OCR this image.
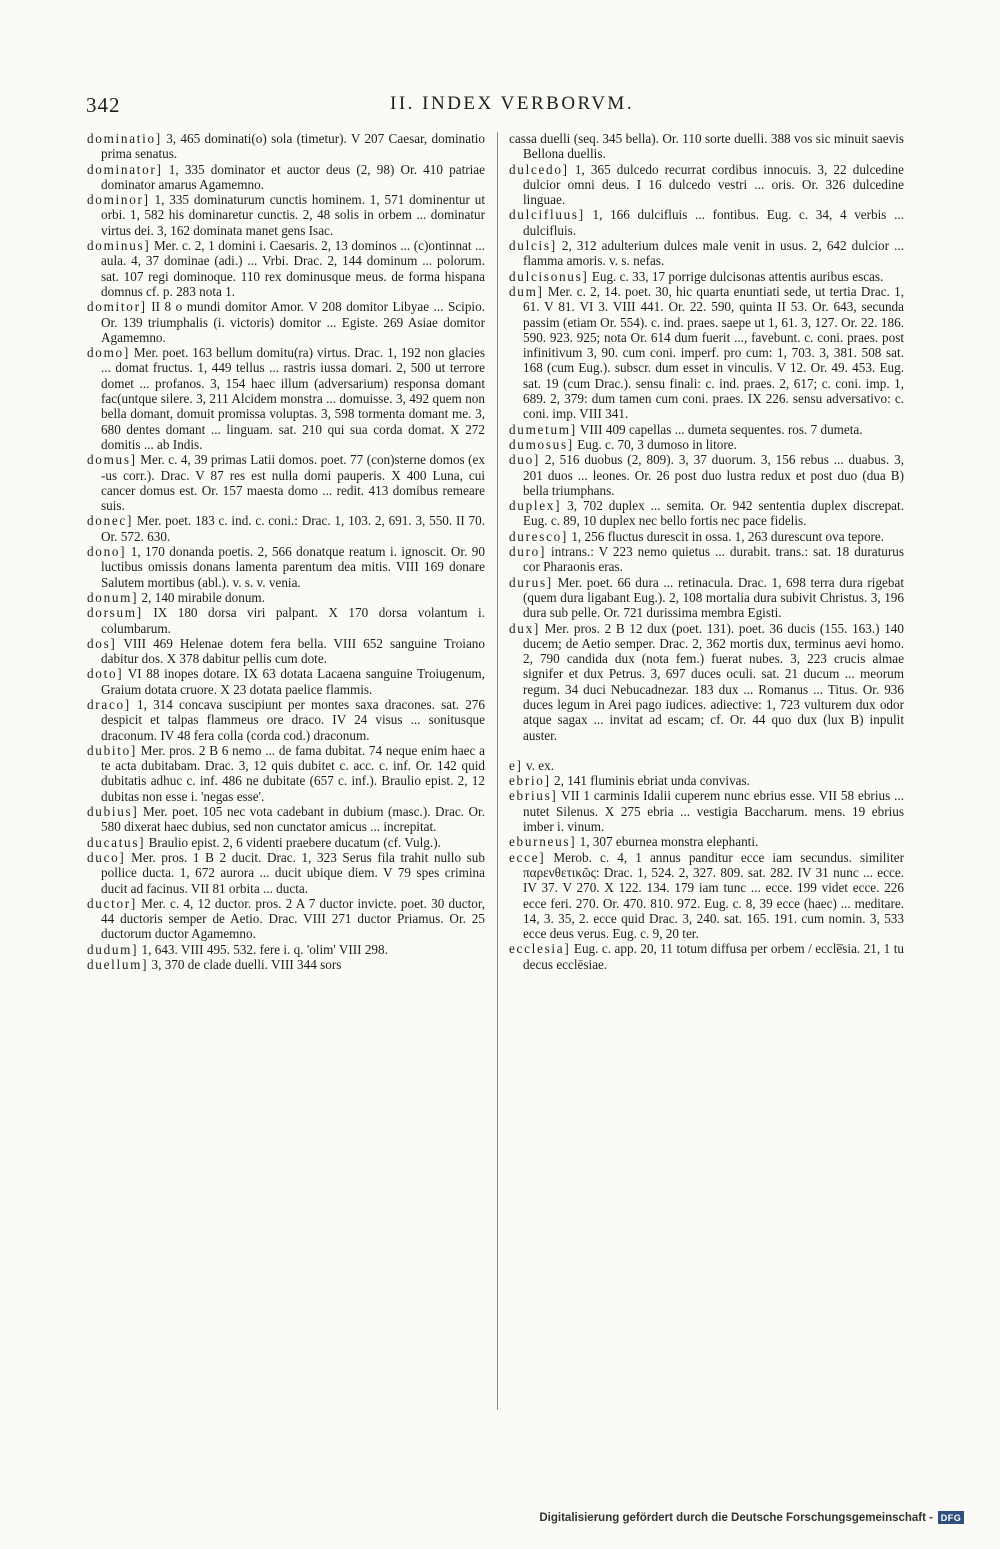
342	II. INDEX VERBORVM.

dominatio] 3, 465 dominati(o) sola (timetur). V 207 Caesar, dominatio prima senatus.

dominator] 1, 335 dominator et auctor deus (2, 98) Or. 410 patriae dominator amarus Agamemno.

dominor] 1, 335 dominaturum cunctis hominem. 1, 571 dominentur ut orbi. 1, 582 his dominaretur cunctis. 2, 48 solis in orbem ... dominatur virtus dei. 3, 162 dominata manet gens Isac.

dominus] Mer. c. 2, 1 domini i. Caesaris. 2, 13 dominos ... (c)ontinnat ... aula. 4, 37 dominae (adi.) ... Vrbi. Drac. 2, 144 dominum ... polorum. sat. 107 regi dominoque. 110 rex dominusque meus. de forma hispana domnus cf. p. 283 nota 1.

domitor] II 8 o mundi domitor Amor. V 208 domitor Libyae ... Scipio. Or. 139 triumphalis (i. victoris) domitor ... Egiste. 269 Asiae domitor Agamemno.

domo] Mer. poet. 163 bellum domitu(ra) virtus. Drac. 1, 192 non glacies ... domat fructus. 1, 449 tellus ... rastris iussa domari. 2, 500 ut terrore domet ... profanos. 3, 154 haec illum (adversarium) responsa domant fac(untque silere. 3, 211 Alcidem monstra ... domuisse. 3, 492 quem non bella domant, domuit promissa voluptas. 3, 598 tormenta domant me. 3, 680 dentes domant ... linguam. sat. 210 qui sua corda domat. X 272 domitis ... ab Indis.

domus] Mer. c. 4, 39 primas Latii domos. poet. 77 (con)sterne domos (ex -us corr.). Drac. V 87 res est nulla domi pauperis. X 400 Luna, cui cancer domus est. Or. 157 maesta domo ... redit. 413 domibus remeare suis.

donec] Mer. poet. 183 c. ind. c. coni.: Drac. 1, 103. 2, 691. 3, 550. II 70. Or. 572. 630.

dono] 1, 170 donanda poetis. 2, 566 donatque reatum i. ignoscit. Or. 90 luctibus omissis donans lamenta parentum dea mitis. VIII 169 donare Salutem mortibus (abl.). v. s. v. venia.

donum] 2, 140 mirabile donum.

dorsum] IX 180 dorsa viri palpant. X 170 dorsa volantum i. columbarum.

dos] VIII 469 Helenae dotem fera bella. VIII 652 sanguine Troiano dabitur dos. X 378 dabitur pellis cum dote.

doto] VI 88 inopes dotare. IX 63 dotata Lacaena sanguine Troiugenum, Graium dotata cruore. X 23 dotata paelice flammis.

draco] 1, 314 concava suscipiunt per montes saxa dracones. sat. 276 despicit et talpas flammeus ore draco. IV 24 visus ... sonitusque draconum. IV 48 fera colla (corda cod.) draconum.

dubito] Mer. pros. 2 B 6 nemo ... de fama dubitat. 74 neque enim haec a te acta dubitabam. Drac. 3, 12 quis dubitet c. acc. c. inf. Or. 142 quid dubitatis adhuc c. inf. 486 ne dubitate (657 c. inf.). Braulio epist. 2, 12 dubitas non esse i. 'negas esse'.

dubius] Mer. poet. 105 nec vota cadebant in dubium (masc.). Drac. Or. 580 dixerat haec dubius, sed non cunctator amicus ... increpitat.

ducatus] Braulio epist. 2, 6 videnti praebere ducatum (cf. Vulg.).

duco] Mer. pros. 1 B 2 ducit. Drac. 1, 323 Serus fila trahit nullo sub pollice ducta. 1, 672 aurora ... ducit ubique diem. V 79 spes crimina ducit ad facinus. VII 81 orbita ... ducta.

ductor] Mer. c. 4, 12 ductor. pros. 2 A 7 ductor invicte. poet. 30 ductor, 44 ductoris semper de Aetio. Drac. VIII 271 ductor Priamus. Or. 25 ductorum ductor Agamemno.

dudum] 1, 643. VIII 495. 532. fere i. q. 'olim' VIII 298.

duellum] 3, 370 de clade duelli. VIII 344 sors

cassa duelli (seq. 345 bella). Or. 110 sorte duelli. 388 vos sic minuit saevis Bellona duellis.

dulcedo] 1, 365 dulcedo recurrat cordibus innocuis. 3, 22 dulcedine dulcior omni deus. I 16 dulcedo vestri ... oris. Or. 326 dulcedine linguae.

dulcifluus] 1, 166 dulcifluis ... fontibus. Eug. c. 34, 4 verbis ... dulcifluis.

dulcis] 2, 312 adulterium dulces male venit in usus. 2, 642 dulcior ... flamma amoris. v. s. nefas.

dulcisonus] Eug. c. 33, 17 porrige dulcisonas attentis auribus escas.

dum] Mer. c. 2, 14. poet. 30, hic quarta enuntiati sede, ut tertia Drac. 1, 61. V 81. VI 3. VIII 441. Or. 22. 590, quinta II 53. Or. 643, secunda passim (etiam Or. 554). c. ind. praes. saepe ut 1, 61. 3, 127. Or. 22. 186. 590. 923. 925; nota Or. 614 dum fuerit ..., favebunt. c. coni. praes. post infinitivum 3, 90. cum coni. imperf. pro cum: 1, 703. 3, 381. 508 sat. 168 (cum Eug.). subscr. dum esset in vinculis. V 12. Or. 49. 453. Eug. sat. 19 (cum Drac.). sensu finali: c. ind. praes. 2, 617; c. coni. imp. 1, 689. 2, 379: dum tamen cum coni. praes. IX 226. sensu adversativo: c. coni. imp. VIII 341.

dumetum] VIII 409 capellas ... dumeta sequentes. ros. 7 dumeta.

dumosus] Eug. c. 70, 3 dumoso in litore.

duo] 2, 516 duobus (2, 809). 3, 37 duorum. 3, 156 rebus ... duabus. 3, 201 duos ... leones. Or. 26 post duo lustra redux et post duo (dua B) bella triumphans.

duplex] 3, 702 duplex ... semita. Or. 942 sententia duplex discrepat. Eug. c. 89, 10 duplex nec bello fortis nec pace fidelis.

duresco] 1, 256 fluctus durescit in ossa. 1, 263 durescunt ova tepore.

duro] intrans.: V 223 nemo quietus ... durabit. trans.: sat. 18 duraturus cor Pharaonis eras.

durus] Mer. poet. 66 dura ... retinacula. Drac. 1, 698 terra dura rigebat (quem dura ligabant Eug.). 2, 108 mortalia dura subivit Christus. 3, 196 dura sub pelle. Or. 721 durissima membra Egisti.

dux] Mer. pros. 2 B 12 dux (poet. 131). poet. 36 ducis (155. 163.) 140 ducem; de Aetio semper. Drac. 2, 362 mortis dux, terminus aevi homo. 2, 790 candida dux (nota fem.) fuerat nubes. 3, 223 crucis almae signifer et dux Petrus. 3, 697 duces oculi. sat. 21 ducum ... meorum regum. 34 duci Nebucadnezar. 183 dux ... Romanus ... Titus. Or. 936 duces legum in Arei pago iudices. adiective: 1, 723 vulturem dux odor atque sagax ... invitat ad escam; cf. Or. 44 quo dux (lux B) inpulit auster.

e] v. ex.

ebrio] 2, 141 fluminis ebriat unda convivas.

ebrius] VII 1 carminis Idalii cuperem nunc ebrius esse. VII 58 ebrius ... nutet Silenus. X 275 ebria ... vestigia Baccharum. mens. 19 ebrius imber i. vinum.

eburneus] 1, 307 eburnea monstra elephanti.

ecce] Merob. c. 4, 1 annus panditur ecce iam secundus. similiter παρενθετικῶς: Drac. 1, 524. 2, 327. 809. sat. 282. IV 31 nunc ... ecce. IV 37. V 270. X 122. 134. 179 iam tunc ... ecce. 199 videt ecce. 226 ecce feri. 270. Or. 470. 810. 972. Eug. c. 8, 39 ecce (haec) ... meditare. 14, 3. 35, 2. ecce quid Drac. 3, 240. sat. 165. 191. cum nomin. 3, 533 ecce deus verus. Eug. c. 9, 20 ter.

ecclesia] Eug. c. app. 20, 11 totum diffusa per orbem / eccle̅sia. 21, 1 tu decus ecclēsiae.

Digitalisierung gefördert durch die Deutsche Forschungsgemeinschaft - DFG
